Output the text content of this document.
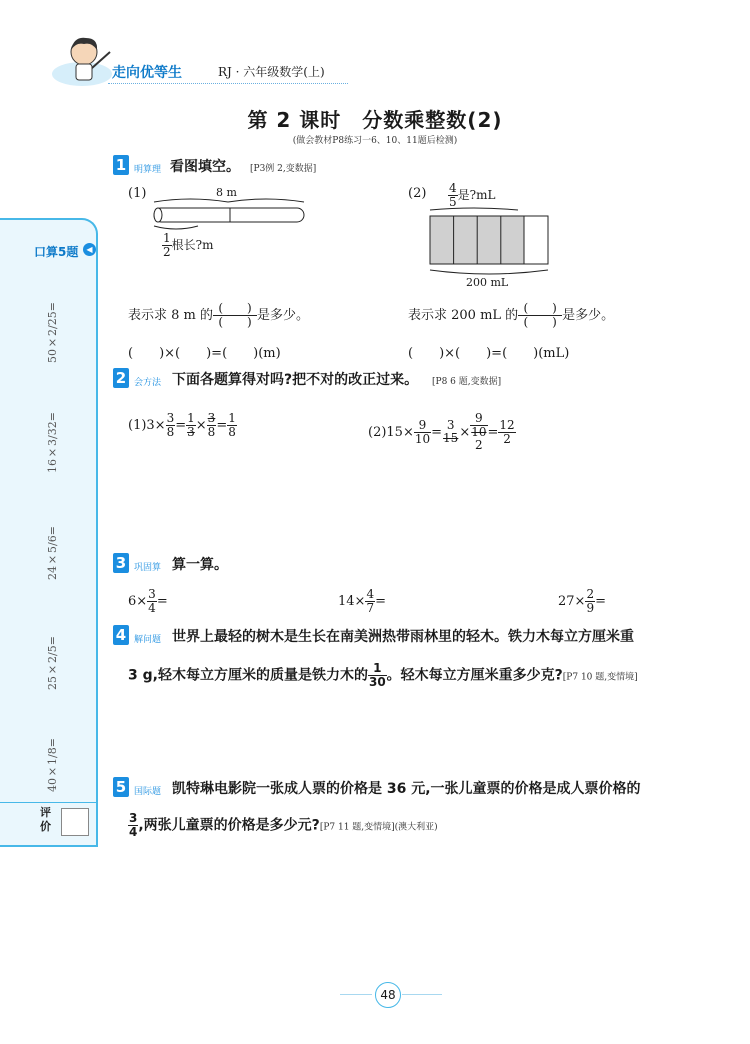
走向优等生	RJ · 六年级数学(上)
第 2 课时　分数乘整数(2)
(做会教材P8练习一6、10、11题后检测)
口算5题	◀
50×2/25=
16×3/32=
24×5/6=
25×2/5=
40×1/8=
评
价
1 明算理 看图填空。 [P3例 2,变数据]
(1)	8 m
$\frac{1}{2}$ 根长?m
$(2) \frac{4}{5}$ 是?mL
200 mL
表示求 8 m 的 $\frac{( )}{( )}$ 是多少。	表示求 200 mL 的 $\frac{( )}{( )}$ 是多少。
(　　)×(　　)=(　　)(m)	(　　)×(　　)=(　　)(mL)
2 会方法 下面各题算得对吗?把不对的改正过来。 [P8 6 题,变数据]
$(1)3\times \frac{3}{8} = \frac{1}{3} \times \frac{3}{8} = \frac{1}{8}$	$(2)15\times \frac{9}{10} = 3$
15 ×
9
10
2
= $\frac{12}{2}$
3 巩固算 算一算。
$6\times \frac{3}{4}$ =	$14\times \frac{4}{7}$ =	$27\times \frac{2}{9}$ =
4 解问题 世界上最轻的树木是生长在南美洲热带雨林里的轻木。铁力木每立方厘米重
3 g,轻木每立方厘米的质量是铁力木的 $\frac{1}{30}$ 。轻木每立方厘米重多少克?[P7 10 题,变情境]
5 国际题 凯特琳电影院一张成人票的价格是 36 元,一张儿童票的价格是成人票价格的
$\frac{3}{4}$ ,两张儿童票的价格是多少元?[P7 11 题,变情境](澳大利亚)
48
